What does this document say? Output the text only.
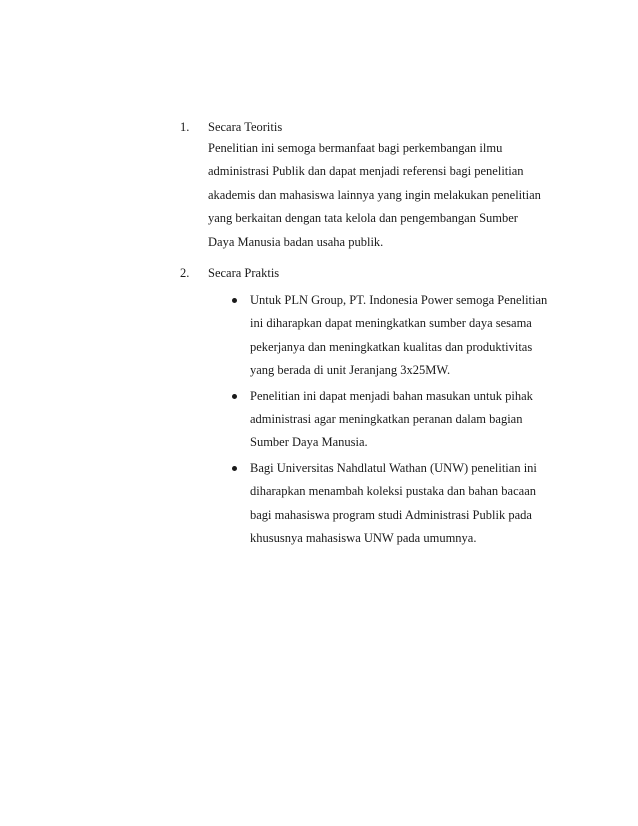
1. Secara Teoritis
Penelitian ini semoga bermanfaat bagi perkembangan ilmu
administrasi Publik dan dapat menjadi referensi bagi penelitian
akademis dan mahasiswa lainnya yang ingin melakukan penelitian
yang berkaitan dengan tata kelola dan pengembangan Sumber
Daya Manusia badan usaha publik.
2. Secara Praktis
Untuk PLN Group, PT. Indonesia Power semoga Penelitian
ini diharapkan dapat meningkatkan sumber daya sesama
pekerjanya dan meningkatkan kualitas dan produktivitas
yang berada di unit Jeranjang 3x25MW.
Penelitian ini dapat menjadi bahan masukan untuk pihak
administrasi agar meningkatkan peranan dalam bagian
Sumber Daya Manusia.
Bagi Universitas Nahdlatul Wathan (UNW) penelitian ini
diharapkan menambah koleksi pustaka dan bahan bacaan
bagi mahasiswa program studi Administrasi Publik pada
khususnya mahasiswa UNW pada umumnya.
